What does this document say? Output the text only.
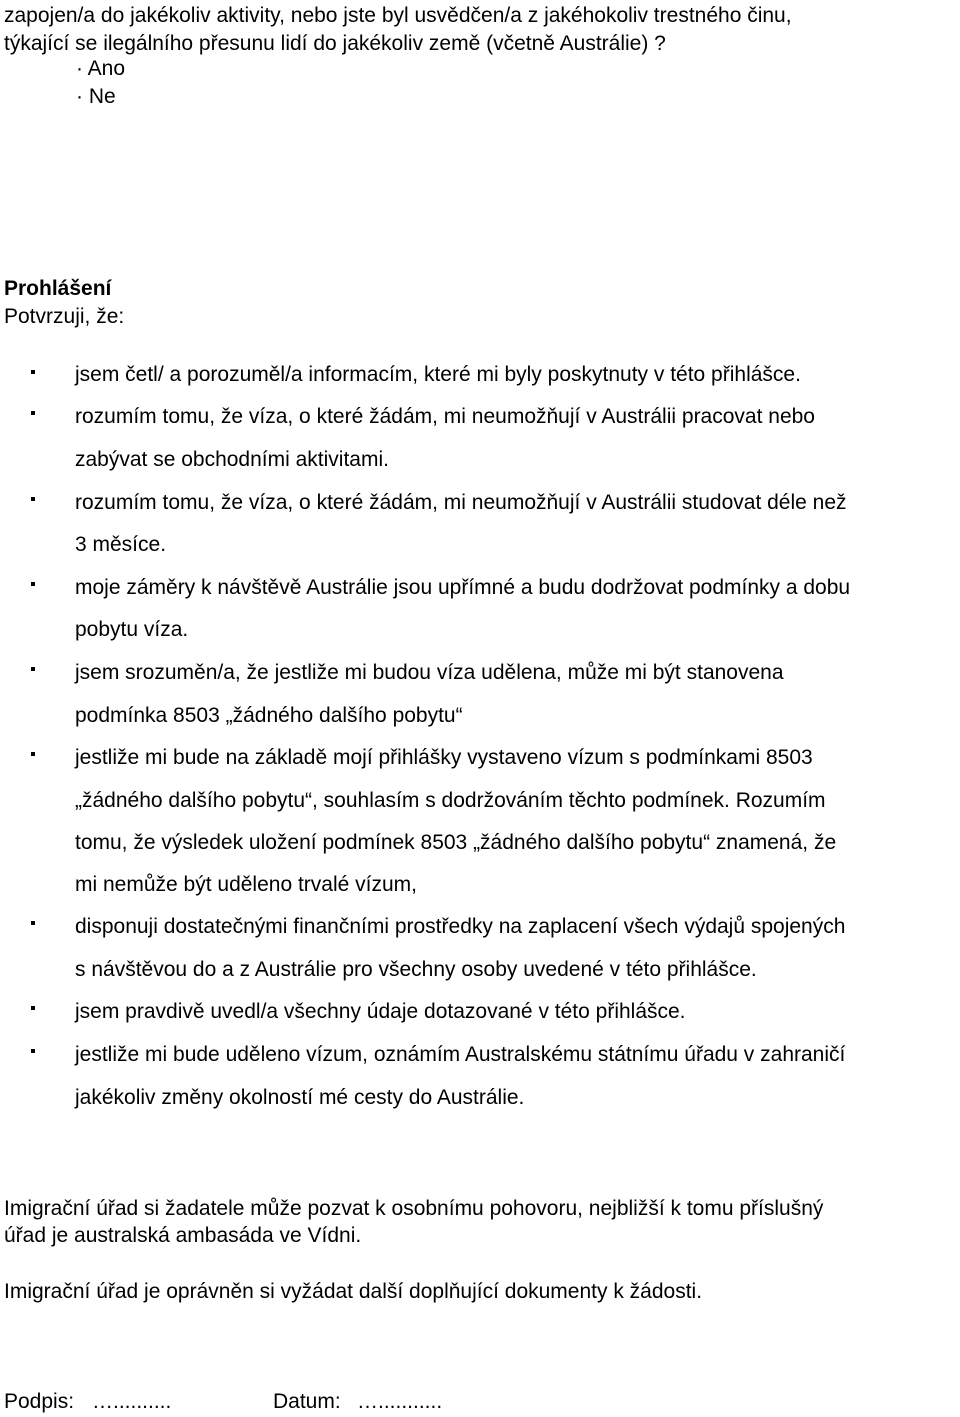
zapojen/a do jakékoliv aktivity, nebo jste byl usvědčen/a z jakéhokoliv trestného činu,
týkající se ilegálního přesunu lidí do jakékoliv země (včetně Austrálie) ?
· Ano
· Ne
Prohlášení
Potvrzuji, že:
jsem četl/ a porozuměl/a informacím, které mi byly poskytnuty v této přihlášce.
rozumím tomu, že víza, o které žádám, mi neumožňují v Austrálii pracovat nebo
zabývat se obchodními aktivitami.
rozumím tomu, že víza, o které žádám, mi neumožňují v Austrálii studovat déle než
3 měsíce.
moje záměry k návštěvě Austrálie jsou upřímné a budu dodržovat podmínky a dobu
pobytu víza.
jsem srozuměn/a, že jestliže mi budou víza udělena, může mi být stanovena
podmínka 8503 „žádného dalšího pobytu“
jestliže mi bude na základě mojí přihlášky vystaveno vízum s podmínkami 8503
„žádného dalšího pobytu“, souhlasím s dodržováním těchto podmínek. Rozumím
tomu, že výsledek uložení podmínek 8503 „žádného dalšího pobytu“ znamená, že
mi nemůže být uděleno trvalé vízum,
disponuji dostatečnými finančními prostředky na zaplacení všech výdajů spojených
s návštěvou do a z Austrálie pro všechny osoby uvedené v této přihlášce.
jsem pravdivě uvedl/a všechny údaje dotazované v této přihlášce.
jestliže mi bude uděleno vízum, oznámím Australskému státnímu úřadu v zahraničí
jakékoliv změny okolností mé cesty do Austrálie.
Imigrační úřad si žadatele může pozvat k osobnímu pohovoru, nejbližší k tomu příslušný
úřad je australská ambasáda ve Vídni.
Imigrační úřad je oprávněn si vyžádat další doplňující dokumenty k žádosti.
Podpis: …..........	Datum: …...........
